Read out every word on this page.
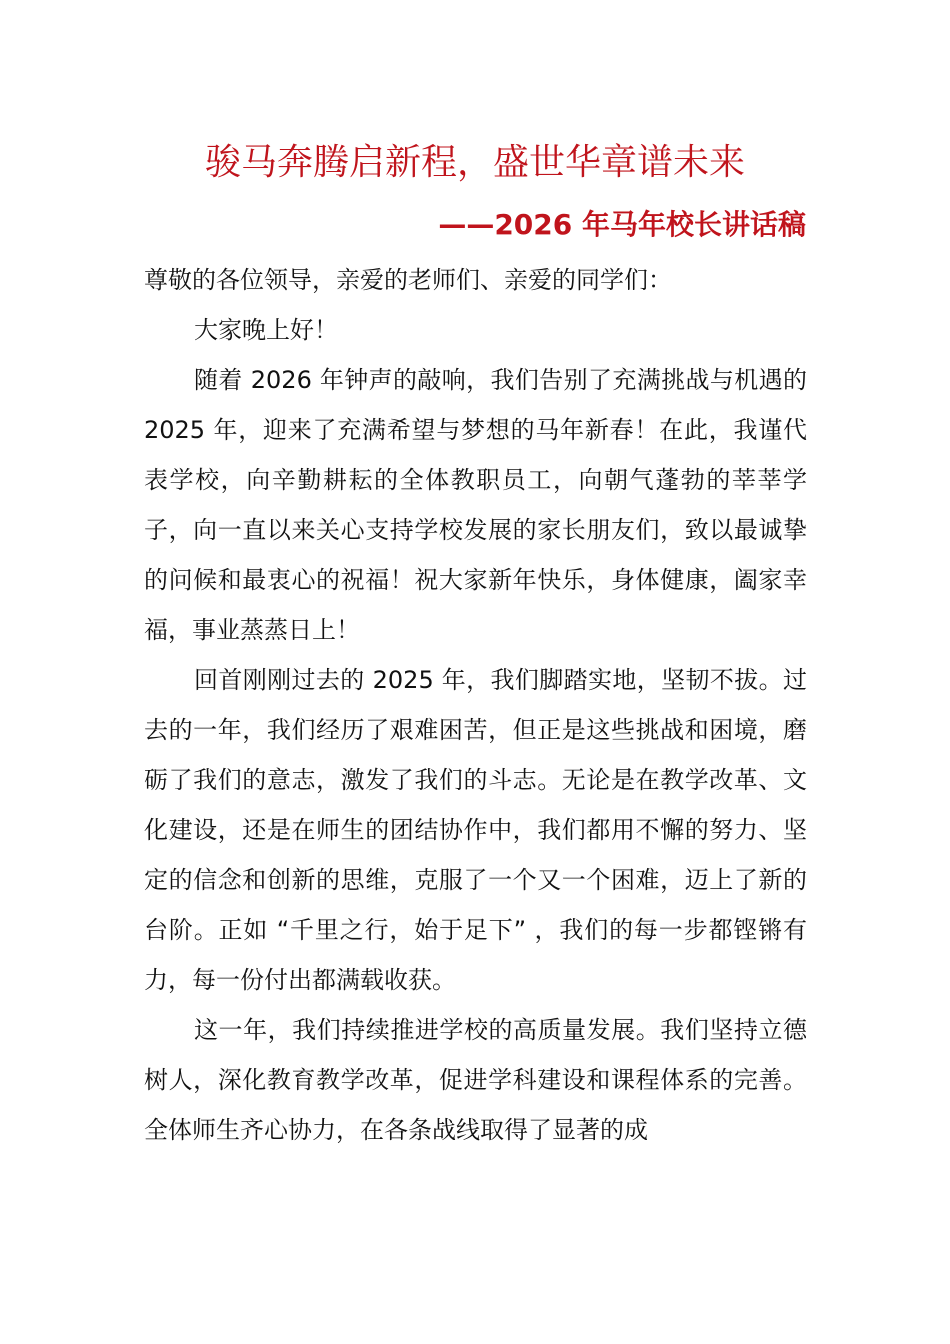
骏马奔腾启新程，盛世华章谱未来
——2026 年马年校长讲话稿

尊敬的各位领导，亲爱的老师们、亲爱的同学们：

大家晚上好！

随着 2026 年钟声的敲响，我们告别了充满挑战与机遇的 2025 年，迎来了充满希望与梦想的马年新春！在此，我谨代表学校，向辛勤耕耘的全体教职员工，向朝气蓬勃的莘莘学子，向一直以来关心支持学校发展的家长朋友们，致以最诚挚的问候和最衷心的祝福！祝大家新年快乐，身体健康，阖家幸福，事业蒸蒸日上！

回首刚刚过去的 2025 年，我们脚踏实地，坚韧不拔。过去的一年，我们经历了艰难困苦，但正是这些挑战和困境，磨砺了我们的意志，激发了我们的斗志。无论是在教学改革、文化建设，还是在师生的团结协作中，我们都用不懈的努力、坚定的信念和创新的思维，克服了一个又一个困难，迈上了新的台阶。正如 “千里之行，始于足下” ，我们的每一步都铿锵有力，每一份付出都满载收获。

这一年，我们持续推进学校的高质量发展。我们坚持立德树人，深化教育教学改革，促进学科建设和课程体系的完善。全体师生齐心协力，在各条战线取得了显著的成
